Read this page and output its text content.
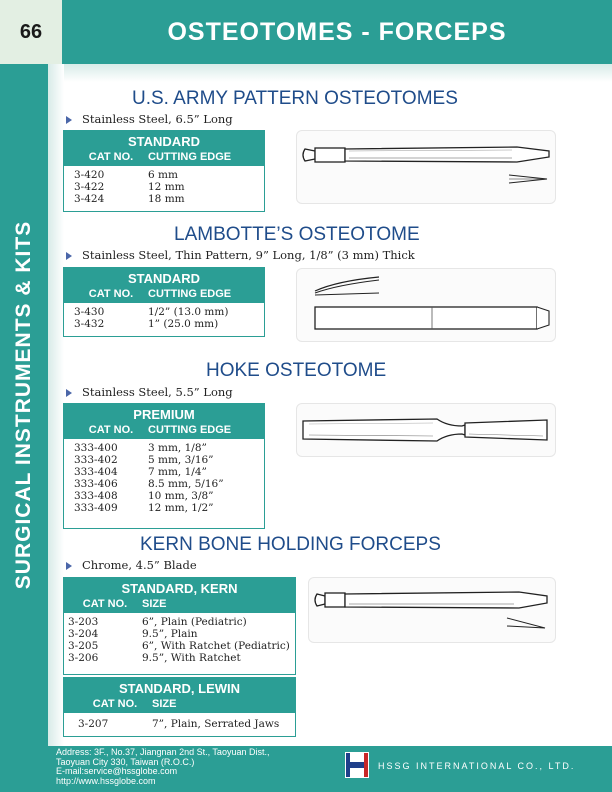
66	OSTEOTOMES - FORCEPS
SURGICAL INSTRUMENTS & KITS
U.S. ARMY PATTERN OSTEOTOMES
Stainless Steel, 6.5” Long
STANDARD
CAT NO.	CUTTING EDGE
3-420	6 mm
3-422	12 mm
3-424	18 mm
LAMBOTTE’S OSTEOTOME
Stainless Steel, Thin Pattern, 9” Long, 1/8” (3 mm) Thick
STANDARD
CAT NO.	CUTTING EDGE
3-430	1/2” (13.0 mm)
3-432	1” (25.0 mm)
HOKE OSTEOTOME
Stainless Steel, 5.5” Long
PREMIUM
CAT NO.	CUTTING EDGE
333-400	3 mm, 1/8”
333-402	5 mm, 3/16”
333-404	7 mm, 1/4”
333-406	8.5 mm, 5/16”
333-408	10 mm, 3/8”
333-409	12 mm, 1/2”
KERN BONE HOLDING FORCEPS
Chrome, 4.5” Blade
STANDARD, KERN
CAT NO.	SIZE
3-203	6”, Plain (Pediatric)
3-204	9.5”, Plain
3-205	6”, With Ratchet (Pediatric)
3-206	9.5”, With Ratchet
STANDARD, LEWIN
CAT NO.	SIZE
3-207	7”, Plain, Serrated Jaws
Address: 3F., No.37, Jiangnan 2nd St., Taoyuan Dist.,
Taoyuan City 330, Taiwan (R.O.C.)
E-mail:service@hssglobe.com
http://www.hssglobe.com
HSSG INTERNATIONAL CO., LTD.
